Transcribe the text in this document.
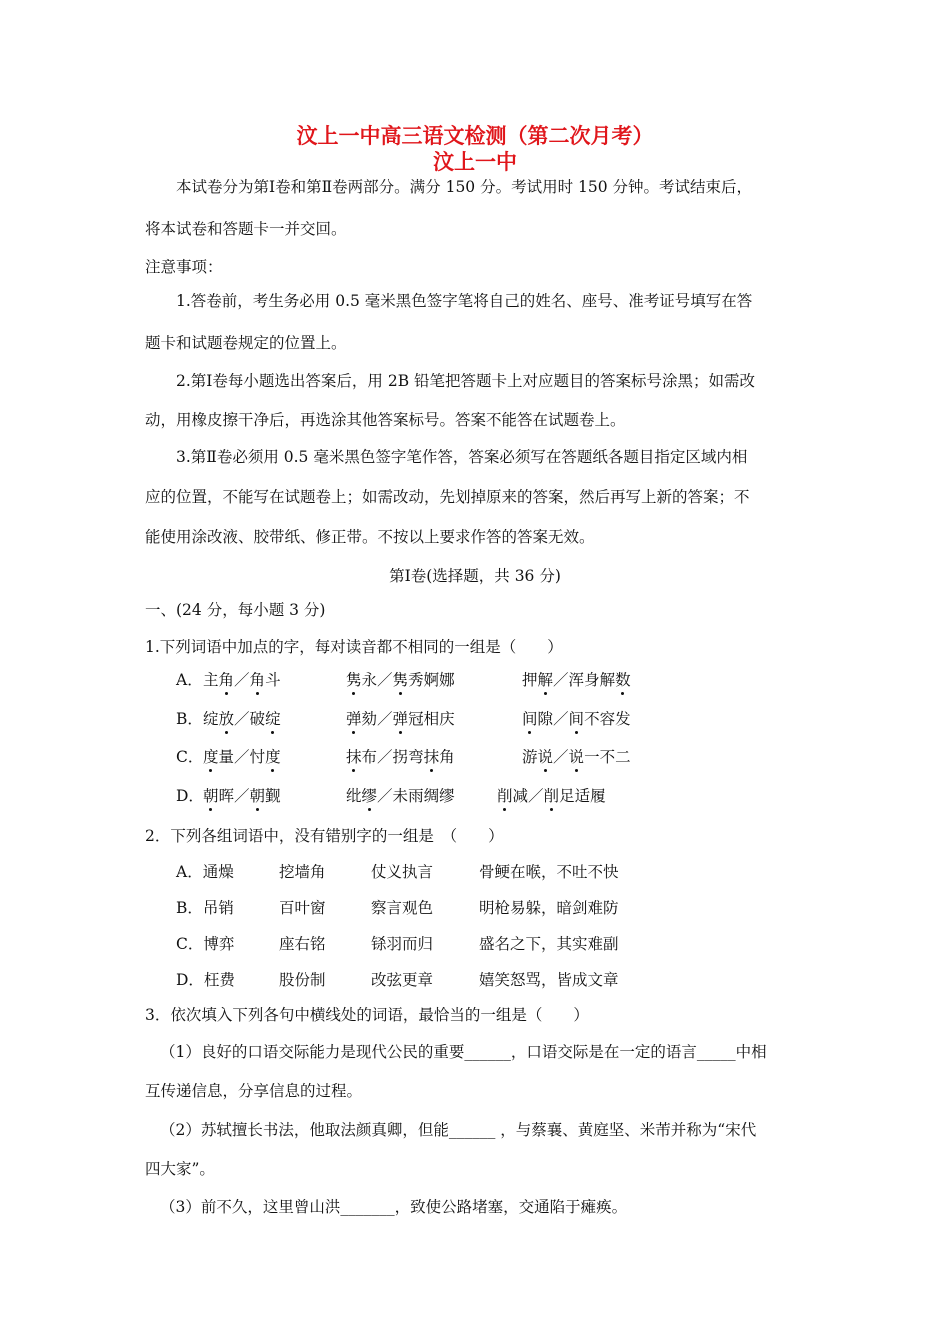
汶上一中高三语文检测（第二次月考）
汶上一中

本试卷分为第Ⅰ卷和第Ⅱ卷两部分。满分 150 分。考试用时 150 分钟。考试结束后，

将本试卷和答题卡一并交回。

注意事项：

1.答卷前，考生务必用 0.5 毫米黑色签字笔将自己的姓名、座号、准考证号填写在答

题卡和试题卷规定的位置上。

2.第Ⅰ卷每小题选出答案后，用 2B 铅笔把答题卡上对应题目的答案标号涂黑；如需改

动，用橡皮擦干净后，再选涂其他答案标号。答案不能答在试题卷上。

3.第Ⅱ卷必须用 0.5 毫米黑色签字笔作答，答案必须写在答题纸各题目指定区域内相

应的位置，不能写在试题卷上；如需改动，先划掉原来的答案，然后再写上新的答案；不

能使用涂改液、胶带纸、修正带。不按以上要求作答的答案无效。

第Ⅰ卷(选择题，共 36 分)

一、(24 分，每小题 3 分)

1.下列词语中加点的字，每对读音都不相同的一组是（　　）

A． 主角／角斗	隽永／隽秀婀娜	押解／浑身解数
B． 绽放／破绽	弹劾／弹冠相庆	间隙／间不容发
C． 度量／忖度	抹布／拐弯抹角	游说／说一不二
D． 朝晖／朝觐	纰缪／未雨绸缪	削减／削足适履

2．下列各组词语中，没有错别字的一组是　（　　）

A．通燥	挖墙角	仗义执言	骨鲠在喉，不吐不快
B．吊销	百叶窗	察言观色	明枪易躲，暗剑难防
C．博弈	座右铭	铩羽而归	盛名之下，其实难副
D．枉费	股份制	改弦更章	嬉笑怒骂，皆成文章

3．依次填入下列各句中横线处的词语，最恰当的一组是（　　）

（1）良好的口语交际能力是现代公民的重要______，口语交际是在一定的语言_____中相

互传递信息，分享信息的过程。

（2）苏轼擅长书法，他取法颜真卿，但能______ ，与蔡襄、黄庭坚、米芾并称为“宋代

四大家”。

（3）前不久，这里曾山洪_______，致使公路堵塞，交通陷于瘫痪。
